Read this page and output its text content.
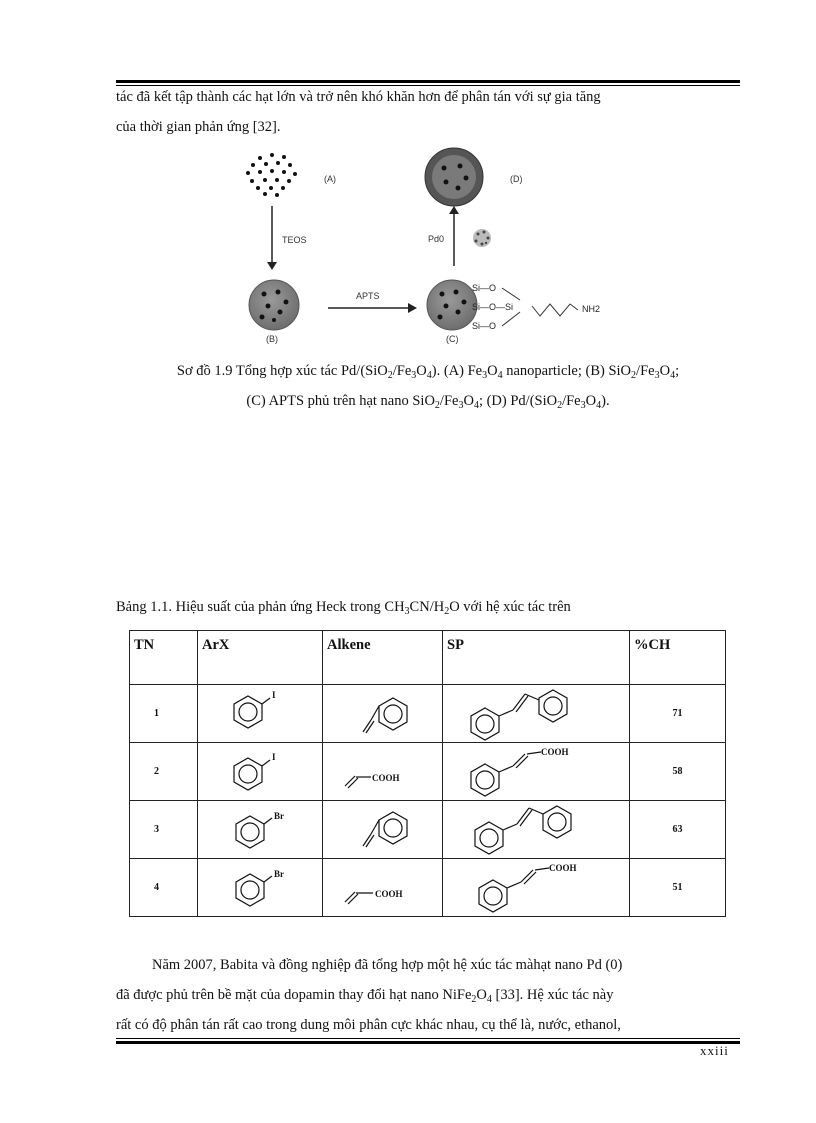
tác đã kết tập thành các hạt lớn và trở nên khó khăn hơn để phân tán với sự gia tăng
của thời gian phản ứng [32].
(A)
TEOS
(B)
APTS
Si—O
Si—O—Si
Si—O
NH2
(C)
Pd0
(D)
Sơ đồ 1.9 Tổng hợp xúc tác $Pd/(SiO_2/Fe_3O_4)$. (A) $Fe_3O_4$ nanoparticle; (B) $SiO_2/Fe_3O_4$;
(C) APTS phủ trên hạt nano $SiO_2/Fe_3O_4$; (D) $Pd/(SiO_2/Fe_3O_4)$.
Bảng 1.1. Hiệu suất của phản ứng Heck trong $CH_3CN/H_2O$ với hệ xúc tác trên
TN	ArX	Alkene	SP	%CH
1	I			71
2	I	COOH	COOH	58
3	Br			63
4	Br	COOH	COOH	51
Năm 2007, Babita và đồng nghiệp đã tổng hợp một hệ xúc tác màhạt nano Pd (0)
đã được phủ trên bề mặt của dopamin thay đổi hạt nano $NiFe_2O_4$ [33]. Hệ xúc tác này
rất có độ phân tán rất cao trong dung môi phân cực khác nhau, cụ thể là, nước, ethanol,
xxiii
